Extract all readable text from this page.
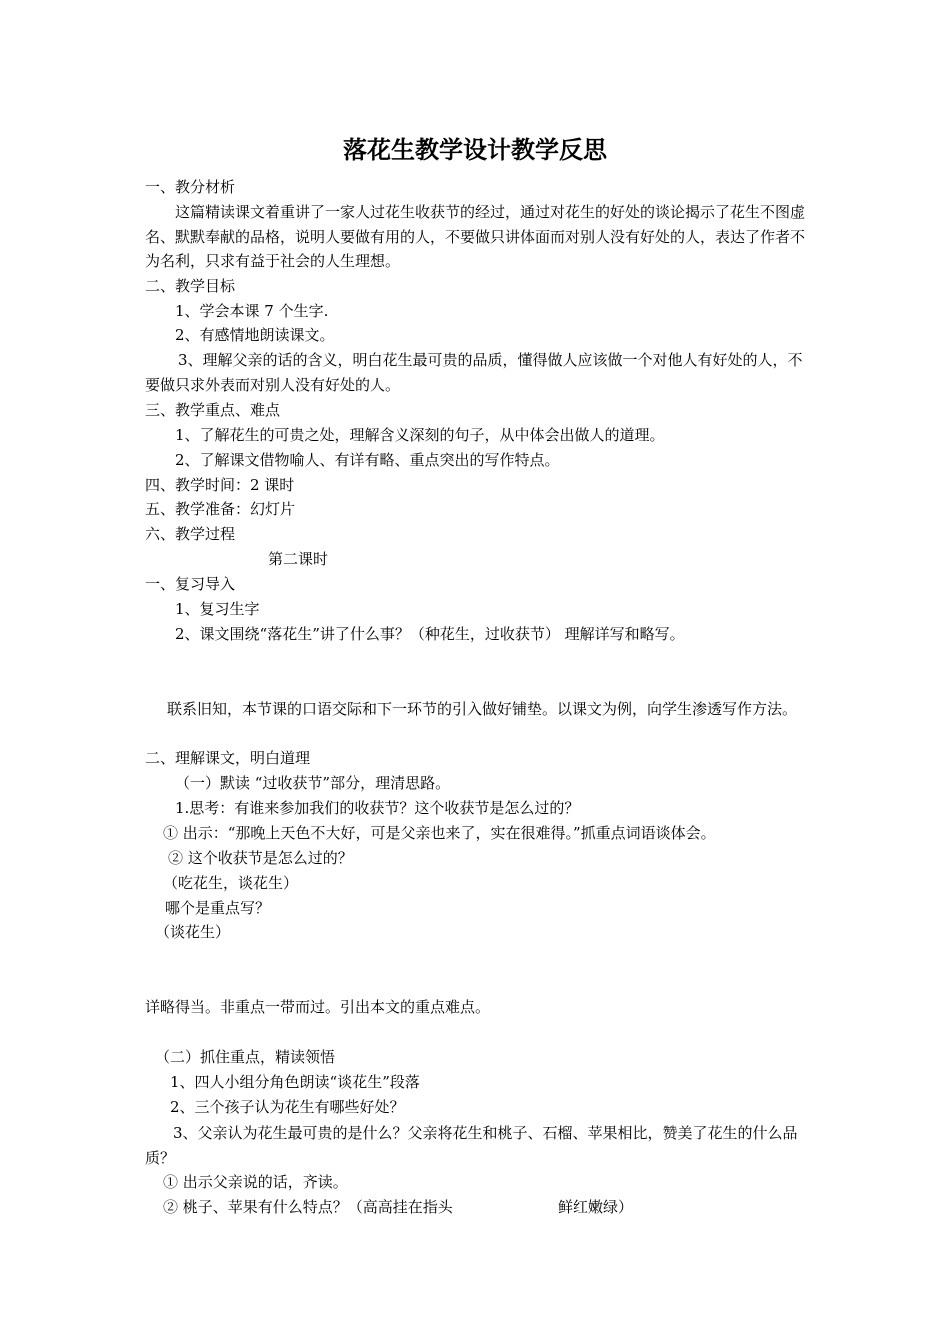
落花生教学设计教学反思
一、教分材析
这篇精读课文着重讲了一家人过花生收获节的经过，通过对花生的好处的谈论揭示了花生不图虚名、默默奉献的品格，说明人要做有用的人，不要做只讲体面而对别人没有好处的人，表达了作者不为名利，只求有益于社会的人生理想。
二、教学目标
1、学会本课 7 个生字.
2、有感情地朗读课文。
3、理解父亲的话的含义，明白花生最可贵的品质，懂得做人应该做一个对他人有好处的人，不要做只求外表而对别人没有好处的人。
三、教学重点、难点
1、了解花生的可贵之处，理解含义深刻的句子，从中体会出做人的道理。
2、了解课文借物喻人、有详有略、重点突出的写作特点。
四、教学时间：2 课时
五、教学准备：幻灯片
六、教学过程
第二课时
一、复习导入
1、复习生字
2、课文围绕“落花生”讲了什么事？（种花生，过收获节） 理解详写和略写。
联系旧知，本节课的口语交际和下一环节的引入做好铺垫。以课文为例，向学生渗透写作方法。
二、理解课文，明白道理
（一）默读 “过收获节”部分，理清思路。
1.思考：有谁来参加我们的收获节？这个收获节是怎么过的？
① 出示：“那晚上天色不大好，可是父亲也来了，实在很难得。”抓重点词语谈体会。
② 这个收获节是怎么过的？
（吃花生，谈花生）
哪个是重点写？
（谈花生）
详略得当。非重点一带而过。引出本文的重点难点。
（二）抓住重点，精读领悟
1、四人小组分角色朗读“谈花生”段落
2、三个孩子认为花生有哪些好处？
3、父亲认为花生最可贵的是什么？父亲将花生和桃子、石榴、苹果相比，赞美了花生的什么品质？
① 出示父亲说的话，齐读。
② 桃子、苹果有什么特点？（高高挂在指头	鲜红嫩绿）
